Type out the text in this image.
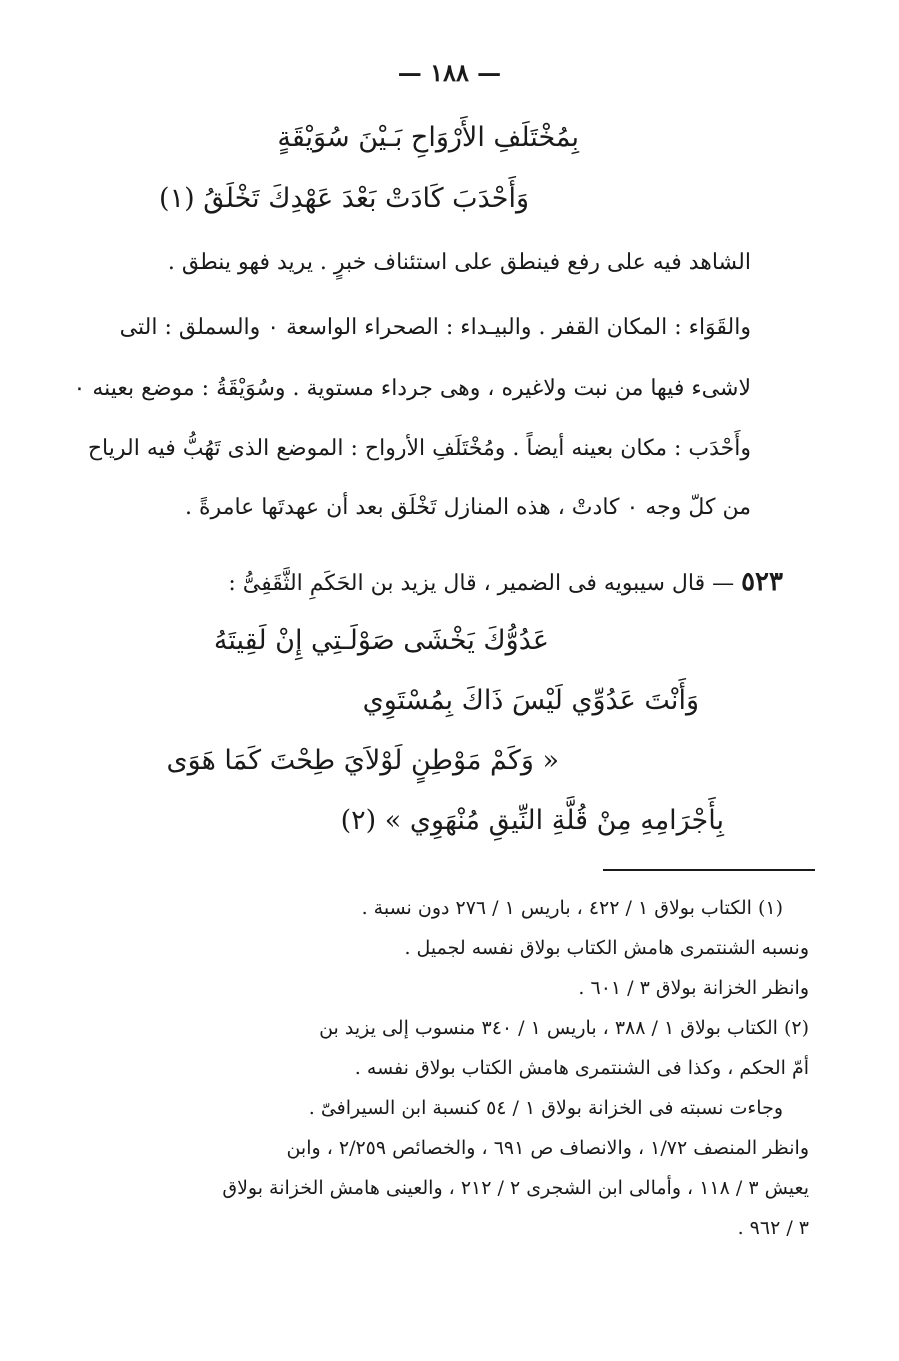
— ١٨٨ —
بِمُخْتَلَفِ الأَرْوَاحِ بَـيْنَ سُوَيْقَةٍ
وَأَحْدَبَ كَادَتْ بَعْدَ عَهْدِكَ تَخْلَقُ (١)
الشاهد فيه على رفع فينطق على استئناف خبرٍ . يريد فهو ينطق .
والقَوَاء : المكان القفر . والبيـداء : الصحراء الواسعة ٠ والسملق : التى
لاشىء فيها من نبت ولاغيره ، وهى جرداء مستوية . وسُوَيْقَةُ : موضع بعينه ٠
وأَحْدَب : مكان بعينه أيضاً . ومُخْتَلَفِ الأرواح : الموضع الذى تَهُبُّ فيه الرياح
من كلّ وجه ٠ كادتْ ، هذه المنازل تَخْلَق بعد أن عهدتَها عامرةً .
٥٢٣ — قال سيبويه فى الضمير ، قال يزيد بن الحَكَمِ الثَّقَفِىُّ :
عَدُوُّكَ يَخْشَى صَوْلَـتِي إِنْ لَقِيتَهُ
وَأَنْتَ عَدُوِّي لَيْسَ ذَاكَ بِمُسْتَوِي
« وَكَمْ مَوْطِنٍ لَوْلاَيَ طِحْتَ كَمَا هَوَى
بِأَجْرَامِهِ مِنْ قُلَّةِ النِّيقِ مُنْهَوِي » (٢)
(١) الكتاب بولاق ١ / ٤٢٢ ، باريس ١ / ٢٧٦ دون نسبة .
ونسبه الشنتمرى هامش الكتاب بولاق نفسه لجميل .
وانظر الخزانة بولاق ٣ / ٦٠١ .
(٢) الكتاب بولاق ١ / ٣٨٨ ، باريس ١ / ٣٤٠ منسوب إلى يزيد بن
أمّ الحكم ، وكذا فى الشنتمرى هامش الكتاب بولاق نفسه .
وجاءت نسبته فى الخزانة بولاق ١ / ٥٤ كنسبة ابن السيرافىّ .
وانظر المنصف ١/٧٢ ، والانصاف ص ٦٩١ ، والخصائص ٢/٢٥٩ ، وابن
يعيش ٣ / ١١٨ ، وأمالى ابن الشجرى ٢ / ٢١٢ ، والعينى هامش الخزانة بولاق
٣ / ٩٦٢ .
